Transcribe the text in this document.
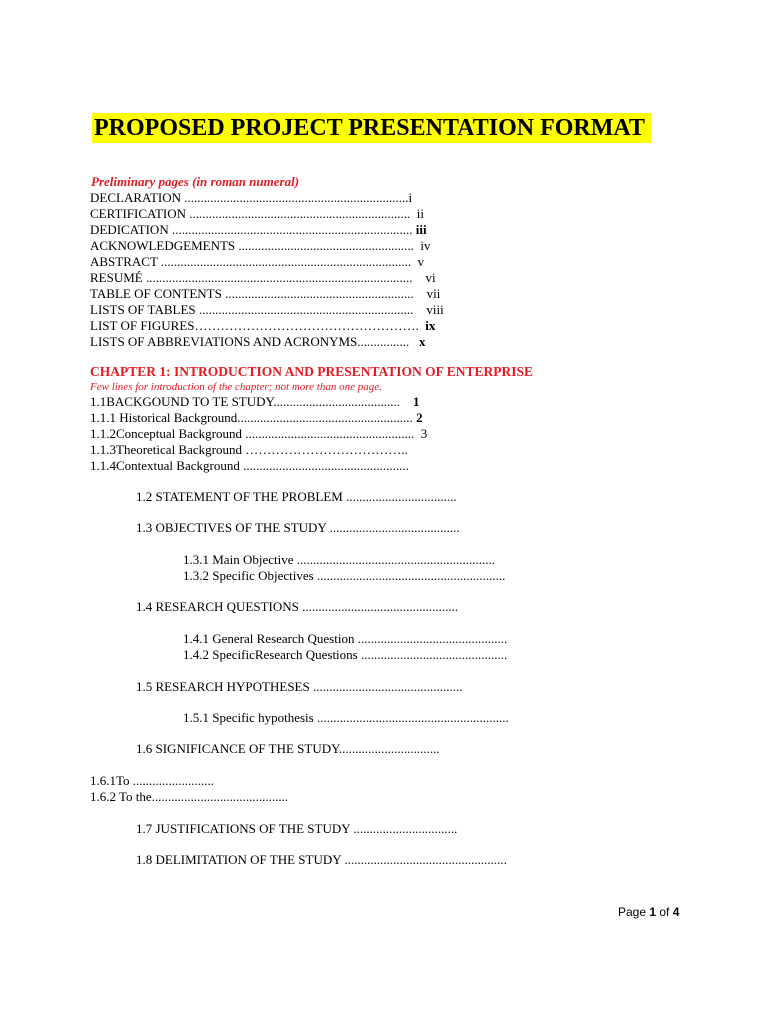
PROPOSED PROJECT PRESENTATION FORMAT
Preliminary pages (in roman numeral)
DECLARATION .....................................................................i
CERTIFICATION .................................................................... ii
DEDICATION .......................................................................... iii
ACKNOWLEDGEMENTS ...................................................... iv
ABSTRACT ............................................................................. v
RESUMÉ .................................................................................. vi
TABLE OF CONTENTS .......................................................... vii
LISTS OF TABLES .................................................................. viii
LIST OF FIGURES……………………………………………. ix
LISTS OF ABBREVIATIONS AND ACRONYMS................ x
CHAPTER 1: INTRODUCTION AND PRESENTATION OF ENTERPRISE
Few lines for introduction of the chapter; not more than one page.
1.1BACKGOUND TO TE STUDY....................................... 1
1.1.1 Historical Background...................................................... 2
1.1.2Conceptual Background .................................................... 3
1.1.3Theoretical Background ………………………………..
1.1.4Contextual Background ...................................................
1.2 STATEMENT OF THE PROBLEM ..................................
1.3 OBJECTIVES OF THE STUDY ........................................
1.3.1 Main Objective .............................................................
1.3.2 Specific Objectives ..........................................................
1.4 RESEARCH QUESTIONS ................................................
1.4.1 General Research Question ..............................................
1.4.2 SpecificResearch Questions .............................................
1.5 RESEARCH HYPOTHESES ..............................................
1.5.1 Specific hypothesis ...........................................................
1.6 SIGNIFICANCE OF THE STUDY...............................
1.6.1To .........................
1.6.2 To the..........................................
1.7 JUSTIFICATIONS OF THE STUDY ................................
1.8 DELIMITATION OF THE STUDY ..................................................
Page 1 of 4
